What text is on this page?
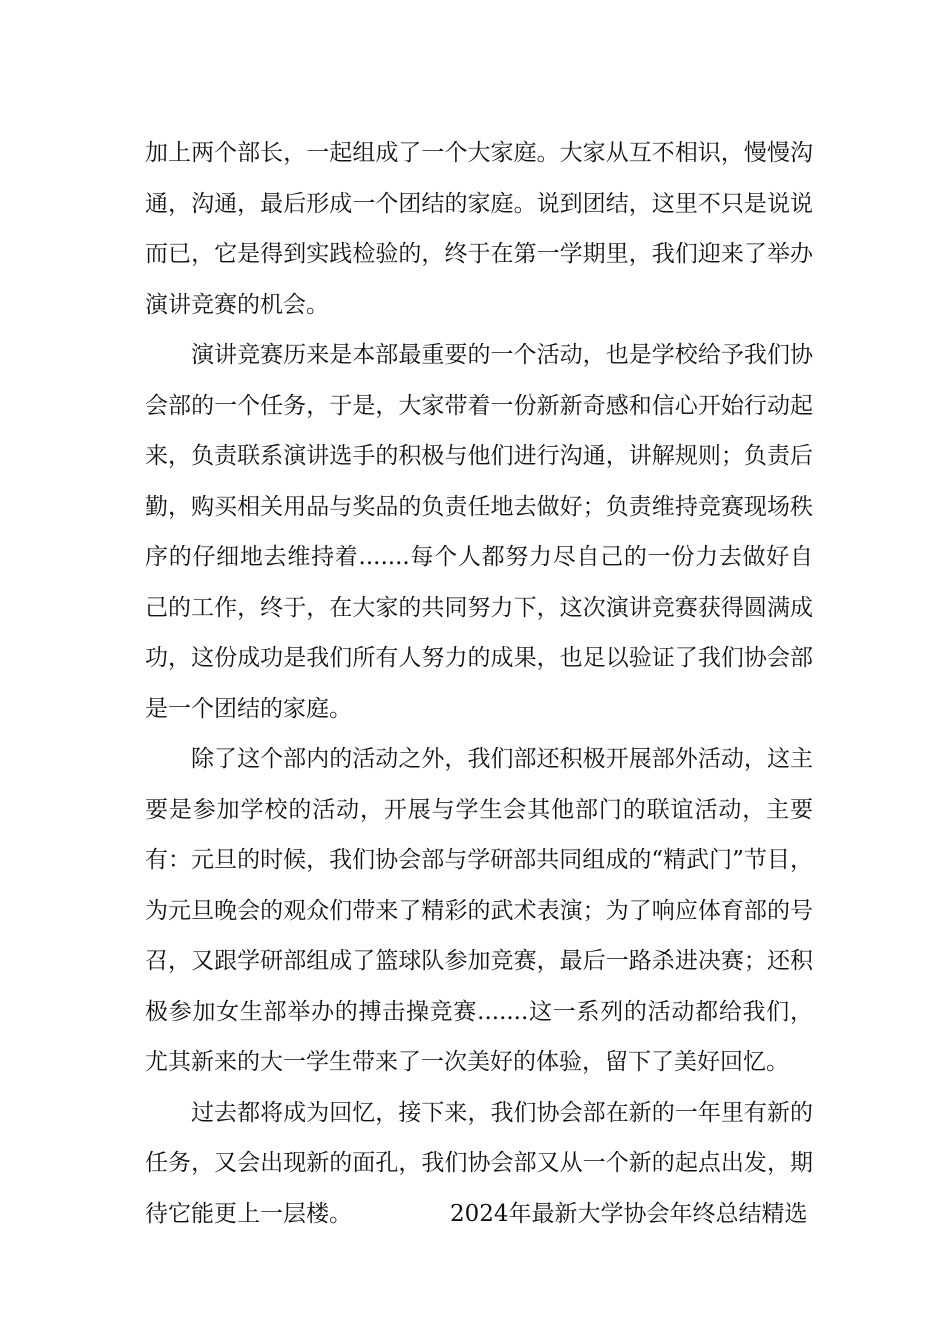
加上两个部长，一起组成了一个大家庭。大家从互不相识，慢慢沟通，沟通，最后形成一个团结的家庭。说到团结，这里不只是说说而已，它是得到实践检验的，终于在第一学期里，我们迎来了举办演讲竞赛的机会。

演讲竞赛历来是本部最重要的一个活动，也是学校给予我们协会部的一个任务，于是，大家带着一份新新奇感和信心开始行动起来，负责联系演讲选手的积极与他们进行沟通，讲解规则；负责后勤，购买相关用品与奖品的负责任地去做好；负责维持竞赛现场秩序的仔细地去维持着.......每个人都努力尽自己的一份力去做好自己的工作，终于，在大家的共同努力下，这次演讲竞赛获得圆满成功，这份成功是我们所有人努力的成果，也足以验证了我们协会部是一个团结的家庭。

除了这个部内的活动之外，我们部还积极开展部外活动，这主要是参加学校的活动，开展与学生会其他部门的联谊活动，主要有：元旦的时候，我们协会部与学研部共同组成的“精武门”节目，为元旦晚会的观众们带来了精彩的武术表演；为了响应体育部的号召，又跟学研部组成了篮球队参加竞赛，最后一路杀进决赛；还积极参加女生部举办的搏击操竞赛.......这一系列的活动都给我们，尤其新来的大一学生带来了一次美好的体验，留下了美好回忆。

过去都将成为回忆，接下来，我们协会部在新的一年里有新的任务，又会出现新的面孔，我们协会部又从一个新的起点出发，期待它能更上一层楼。	2024年最新大学协会年终总结精选
